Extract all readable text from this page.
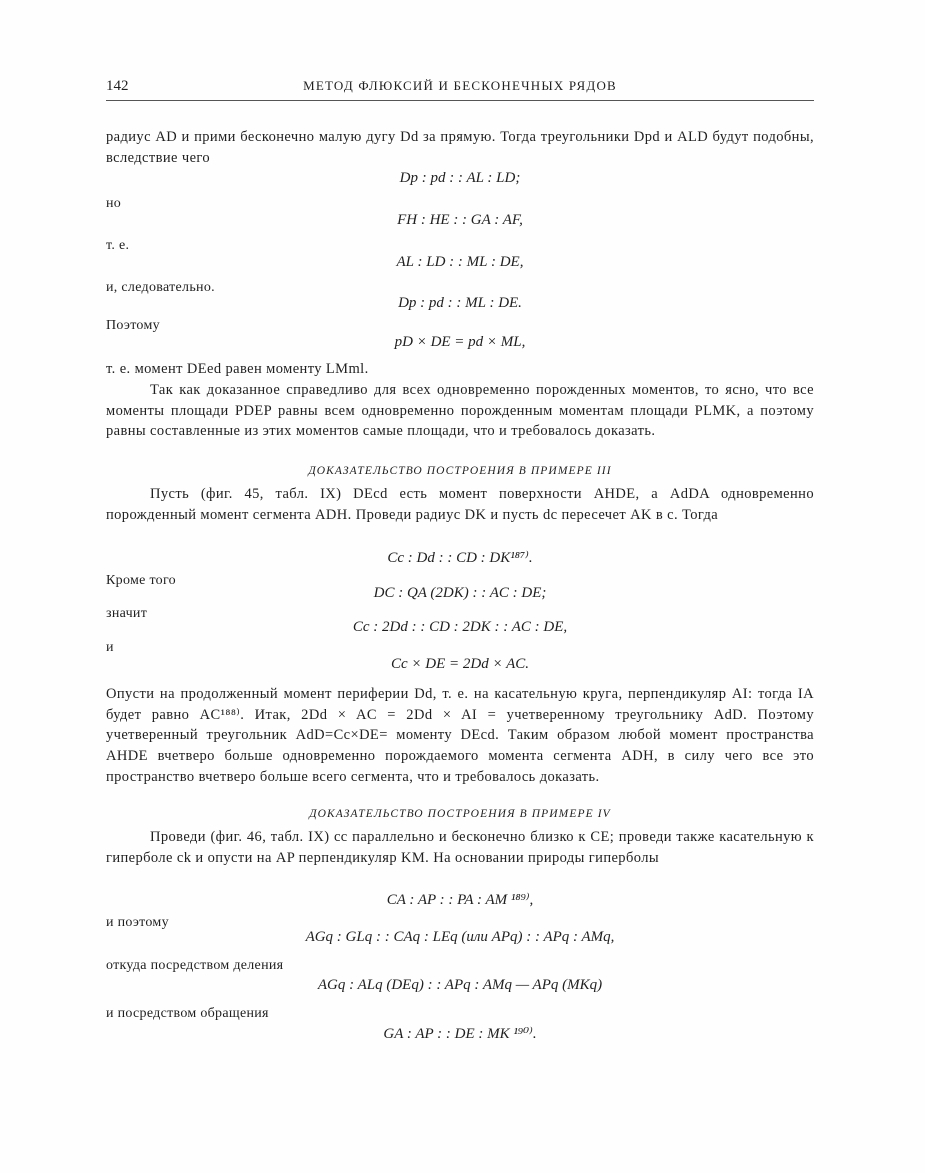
142	МЕТОД ФЛЮКСИЙ И БЕСКОНЕЧНЫХ РЯДОВ

радиус AD и прими бесконечно малую дугу Dd за прямую. Тогда треугольники Dpd и ALD будут подобны, вследствие чего

Dp : pd : : AL : LD;

но

FH : HE : : GA : AF,

т. е.

AL : LD : : ML : DE,

и, следовательно.

Dp : pd : : ML : DE.

Поэтому

pD × DE = pd × ML,

т. е. момент DEed равен моменту LMml.

Так как доказанное справедливо для всех одновременно порожденных моментов, то ясно, что все моменты площади PDEP равны всем одновременно порожденным моментам площади PLMK, а поэтому равны составленные из этих моментов самые площади, что и требовалось доказать.

ДОКАЗАТЕЛЬСТВО ПОСТРОЕНИЯ В ПРИМЕРЕ III

Пусть (фиг. 45, табл. IX) DEcd есть момент поверхности AHDE, а AdDA одновременно порожденный момент сегмента ADH. Проведи радиус DK и пусть dc пересечет AK в c. Тогда

Cc : Dd : : CD : DK¹⁸⁷⁾.

Кроме того

DC : QA (2DK) : : AC : DE;

значит

Cc : 2Dd : : CD : 2DK : : AC : DE,

и

Cc × DE = 2Dd × AC.

Опусти на продолженный момент периферии Dd, т. е. на касательную круга, перпендикуляр AI: тогда IA будет равно AC¹⁸⁸⁾. Итак, 2Dd × AC = 2Dd × AI = учетверенному треугольнику AdD. Поэтому учетверенный треугольник AdD=Cc×DE= моменту DEcd. Таким образом любой момент пространства AHDE вчетверо больше одновременно порождаемого момента сегмента ADH, в силу чего все это пространство вчетверо больше всего сегмента, что и требовалось доказать.

ДОКАЗАТЕЛЬСТВО ПОСТРОЕНИЯ В ПРИМЕРЕ IV

Проведи (фиг. 46, табл. IX) cc параллельно и бесконечно близко к CE; проведи также касательную к гиперболе ck и опусти на AP перпендикуляр KM. На основании природы гиперболы

CA : AP : : PA : AM ¹⁸⁹⁾,

и поэтому

AGq : GLq : : CAq : LEq (или APq) : : APq : AMq,

откуда посредством деления

AGq : ALq (DEq) : : APq : AMq — APq (MKq)

и посредством обращения

GA : AP : : DE : MK ¹⁹⁰⁾.
